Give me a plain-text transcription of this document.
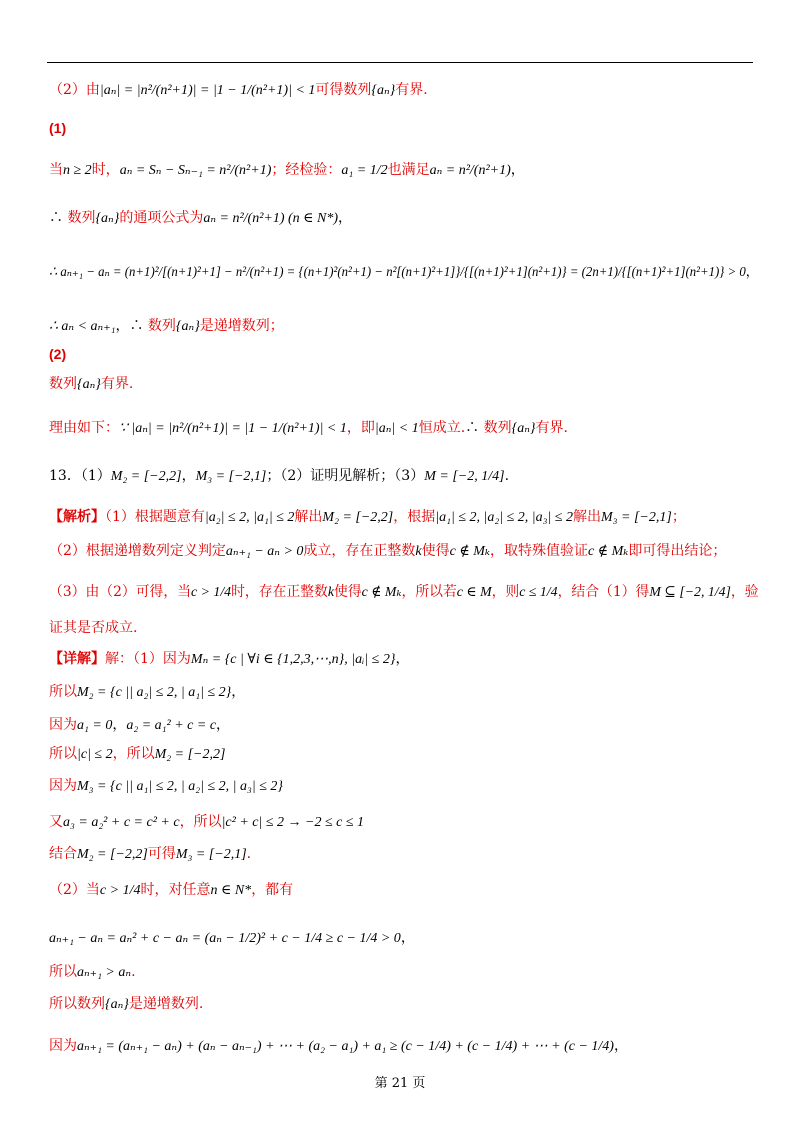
（2）由|aₙ| = |n²/(n²+1)| = |1 − 1/(n²+1)| < 1可得数列{aₙ}有界.
(1)
当n ≥ 2时，aₙ = Sₙ − Sₙ₋₁ = n²/(n²+1)；经检验：a₁ = 1/2也满足aₙ = n²/(n²+1)，
∴ 数列{aₙ}的通项公式为aₙ = n²/(n²+1) (n ∈ N*)，
∴ aₙ₊₁ − aₙ = (n+1)²/[(n+1)²+1] − n²/(n²+1) = {(n+1)²(n²+1) − n²[(n+1)²+1]}/{[(n+1)²+1](n²+1)} = (2n+1)/{[(n+1)²+1](n²+1)} > 0，
∴ aₙ < aₙ₊₁，∴ 数列{aₙ}是递增数列；
(2)
数列{aₙ}有界.
理由如下：∵ |aₙ| = |n²/(n²+1)| = |1 − 1/(n²+1)| < 1，即|aₙ| < 1恒成立.∴ 数列{aₙ}有界.
13．（1）M₂ = [−2,2]，M₃ = [−2,1]；（2）证明见解析；（3）M = [−2, 1/4].
【解析】（1）根据题意有|a₂| ≤ 2, |a₁| ≤ 2解出M₂ = [−2,2]，根据|a₁| ≤ 2, |a₂| ≤ 2, |a₃| ≤ 2解出M₃ = [−2,1]；
（2）根据递增数列定义判定aₙ₊₁ − aₙ > 0成立，存在正整数k使得c ∉ Mₖ，取特殊值验证c ∉ Mₖ即可得出结论；
（3）由（2）可得，当c > 1/4时，存在正整数k使得c ∉ Mₖ，所以若c ∈ M，则c ≤ 1/4，结合（1）得M ⊆ [−2, 1/4]，验
证其是否成立.
【详解】解：（1）因为Mₙ = {c | ∀i ∈ {1,2,3,⋯,n}, |aᵢ| ≤ 2}，
所以M₂ = {c || a₂| ≤ 2, | a₁| ≤ 2}，
因为a₁ = 0，a₂ = a₁² + c = c，
所以|c| ≤ 2，所以M₂ = [−2,2]
因为M₃ = {c || a₁| ≤ 2, | a₂| ≤ 2, | a₃| ≤ 2}
又a₃ = a₂² + c = c² + c，所以|c² + c| ≤ 2 → −2 ≤ c ≤ 1
结合M₂ = [−2,2]可得M₃ = [−2,1].
（2）当c > 1/4时，对任意n ∈ N*，都有
aₙ₊₁ − aₙ = aₙ² + c − aₙ = (aₙ − 1/2)² + c − 1/4 ≥ c − 1/4 > 0，
所以aₙ₊₁ > aₙ.
所以数列{aₙ}是递增数列.
因为aₙ₊₁ = (aₙ₊₁ − aₙ) + (aₙ − aₙ₋₁) + ⋯ + (a₂ − a₁) + a₁ ≥ (c − 1/4) + (c − 1/4) + ⋯ + (c − 1/4)，
第 21 页
